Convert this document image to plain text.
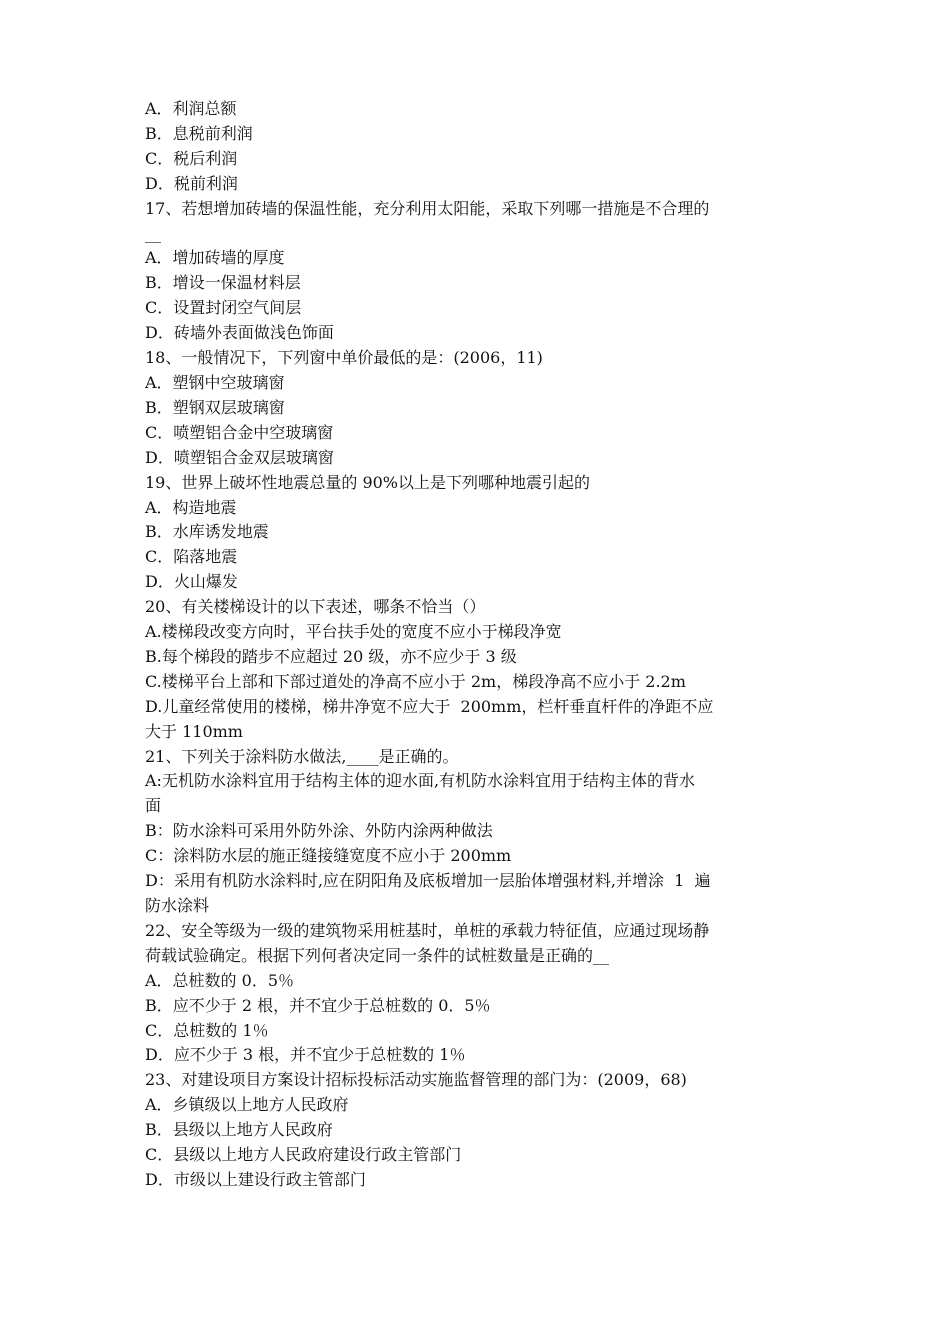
A．利润总额
B．息税前利润
C．税后利润
D．税前利润
17、若想增加砖墙的保温性能，充分利用太阳能，采取下列哪一措施是不合理的
__
A．增加砖墙的厚度
B．增设一保温材料层
C．设置封闭空气间层
D．砖墙外表面做浅色饰面
18、一般情况下，下列窗中单价最低的是：(2006，11)
A．塑钢中空玻璃窗
B．塑钢双层玻璃窗
C．喷塑铝合金中空玻璃窗
D．喷塑铝合金双层玻璃窗
19、世界上破坏性地震总量的 90%以上是下列哪种地震引起的
A．构造地震
B．水库诱发地震
C．陷落地震
D．火山爆发
20、有关楼梯设计的以下表述，哪条不恰当（）
A.楼梯段改变方向时，平台扶手处的宽度不应小于梯段净宽
B.每个梯段的踏步不应超过 20 级，亦不应少于 3 级
C.楼梯平台上部和下部过道处的净高不应小于 2m，梯段净高不应小于 2.2m
D.儿童经常使用的楼梯，梯井净宽不应大于  200mm，栏杆垂直杆件的净距不应
大于 110mm
21、下列关于涂料防水做法,____是正确的。
A:无机防水涂料宜用于结构主体的迎水面,有机防水涂料宜用于结构主体的背水
面
B：防水涂料可采用外防外涂、外防内涂两种做法
C：涂料防水层的施正缝接缝宽度不应小于 200mm
D：采用有机防水涂料时,应在阴阳角及底板增加一层胎体增强材料,并增涂  1  遍
防水涂料
22、安全等级为一级的建筑物采用桩基时，单桩的承载力特征值，应通过现场静
荷载试验确定。根据下列何者决定同一条件的试桩数量是正确的__
A．总桩数的 0．5％
B．应不少于 2 根，并不宜少于总桩数的 0．5％
C．总桩数的 1％
D．应不少于 3 根，并不宜少于总桩数的 1％
23、对建设项目方案设计招标投标活动实施监督管理的部门为：(2009，68)
A．乡镇级以上地方人民政府
B．县级以上地方人民政府
C．县级以上地方人民政府建设行政主管部门
D．市级以上建设行政主管部门
